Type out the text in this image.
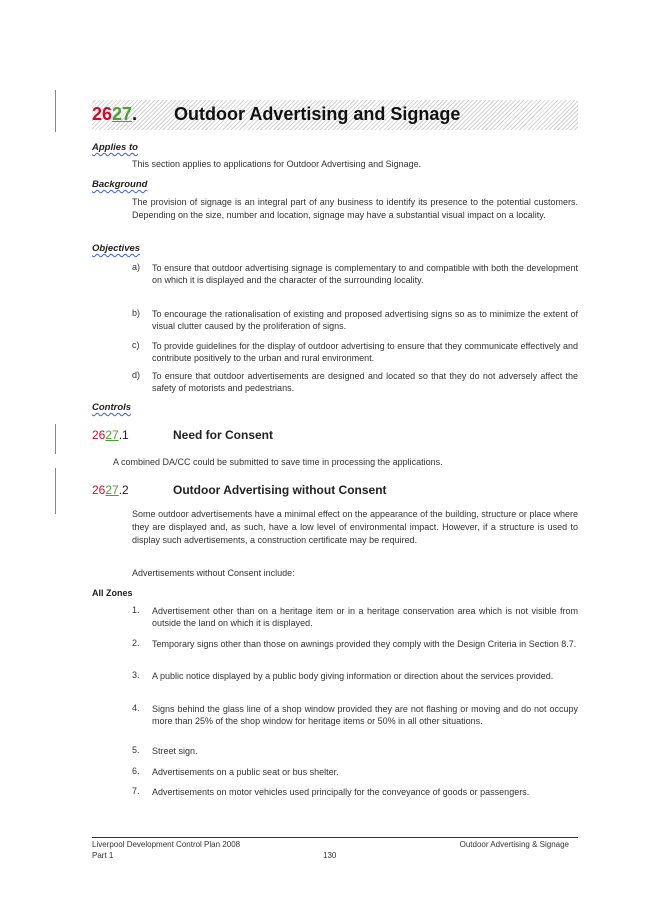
2627. Outdoor Advertising and Signage
Applies to
This section applies to applications for Outdoor Advertising and Signage.
Background
The provision of signage is an integral part of any business to identify its presence to the potential customers. Depending on the size, number and location, signage may have a substantial visual impact on a locality.
Objectives
a) To ensure that outdoor advertising signage is complementary to and compatible with both the development on which it is displayed and the character of the surrounding locality.
b) To encourage the rationalisation of existing and proposed advertising signs so as to minimize the extent of visual clutter caused by the proliferation of signs.
c) To provide guidelines for the display of outdoor advertising to ensure that they communicate effectively and contribute positively to the urban and rural environment.
d) To ensure that outdoor advertisements are designed and located so that they do not adversely affect the safety of motorists and pedestrians.
Controls
2627.1	Need for Consent
A combined DA/CC could be submitted to save time in processing the applications.
2627.2	Outdoor Advertising without Consent
Some outdoor advertisements have a minimal effect on the appearance of the building, structure or place where they are displayed and, as such, have a low level of environmental impact. However, if a structure is used to display such advertisements, a construction certificate may be required.
Advertisements without Consent include:
All Zones
1. Advertisement other than on a heritage item or in a heritage conservation area which is not visible from outside the land on which it is displayed.
2. Temporary signs other than those on awnings provided they comply with the Design Criteria in Section 8.7.
3. A public notice displayed by a public body giving information or direction about the services provided.
4. Signs behind the glass line of a shop window provided they are not flashing or moving and do not occupy more than 25% of the shop window for heritage items or 50% in all other situations.
5. Street sign.
6. Advertisements on a public seat or bus shelter.
7. Advertisements on motor vehicles used principally for the conveyance of goods or passengers.
Liverpool Development Control Plan 2008
Part 1	130
Outdoor Advertising & Signage
